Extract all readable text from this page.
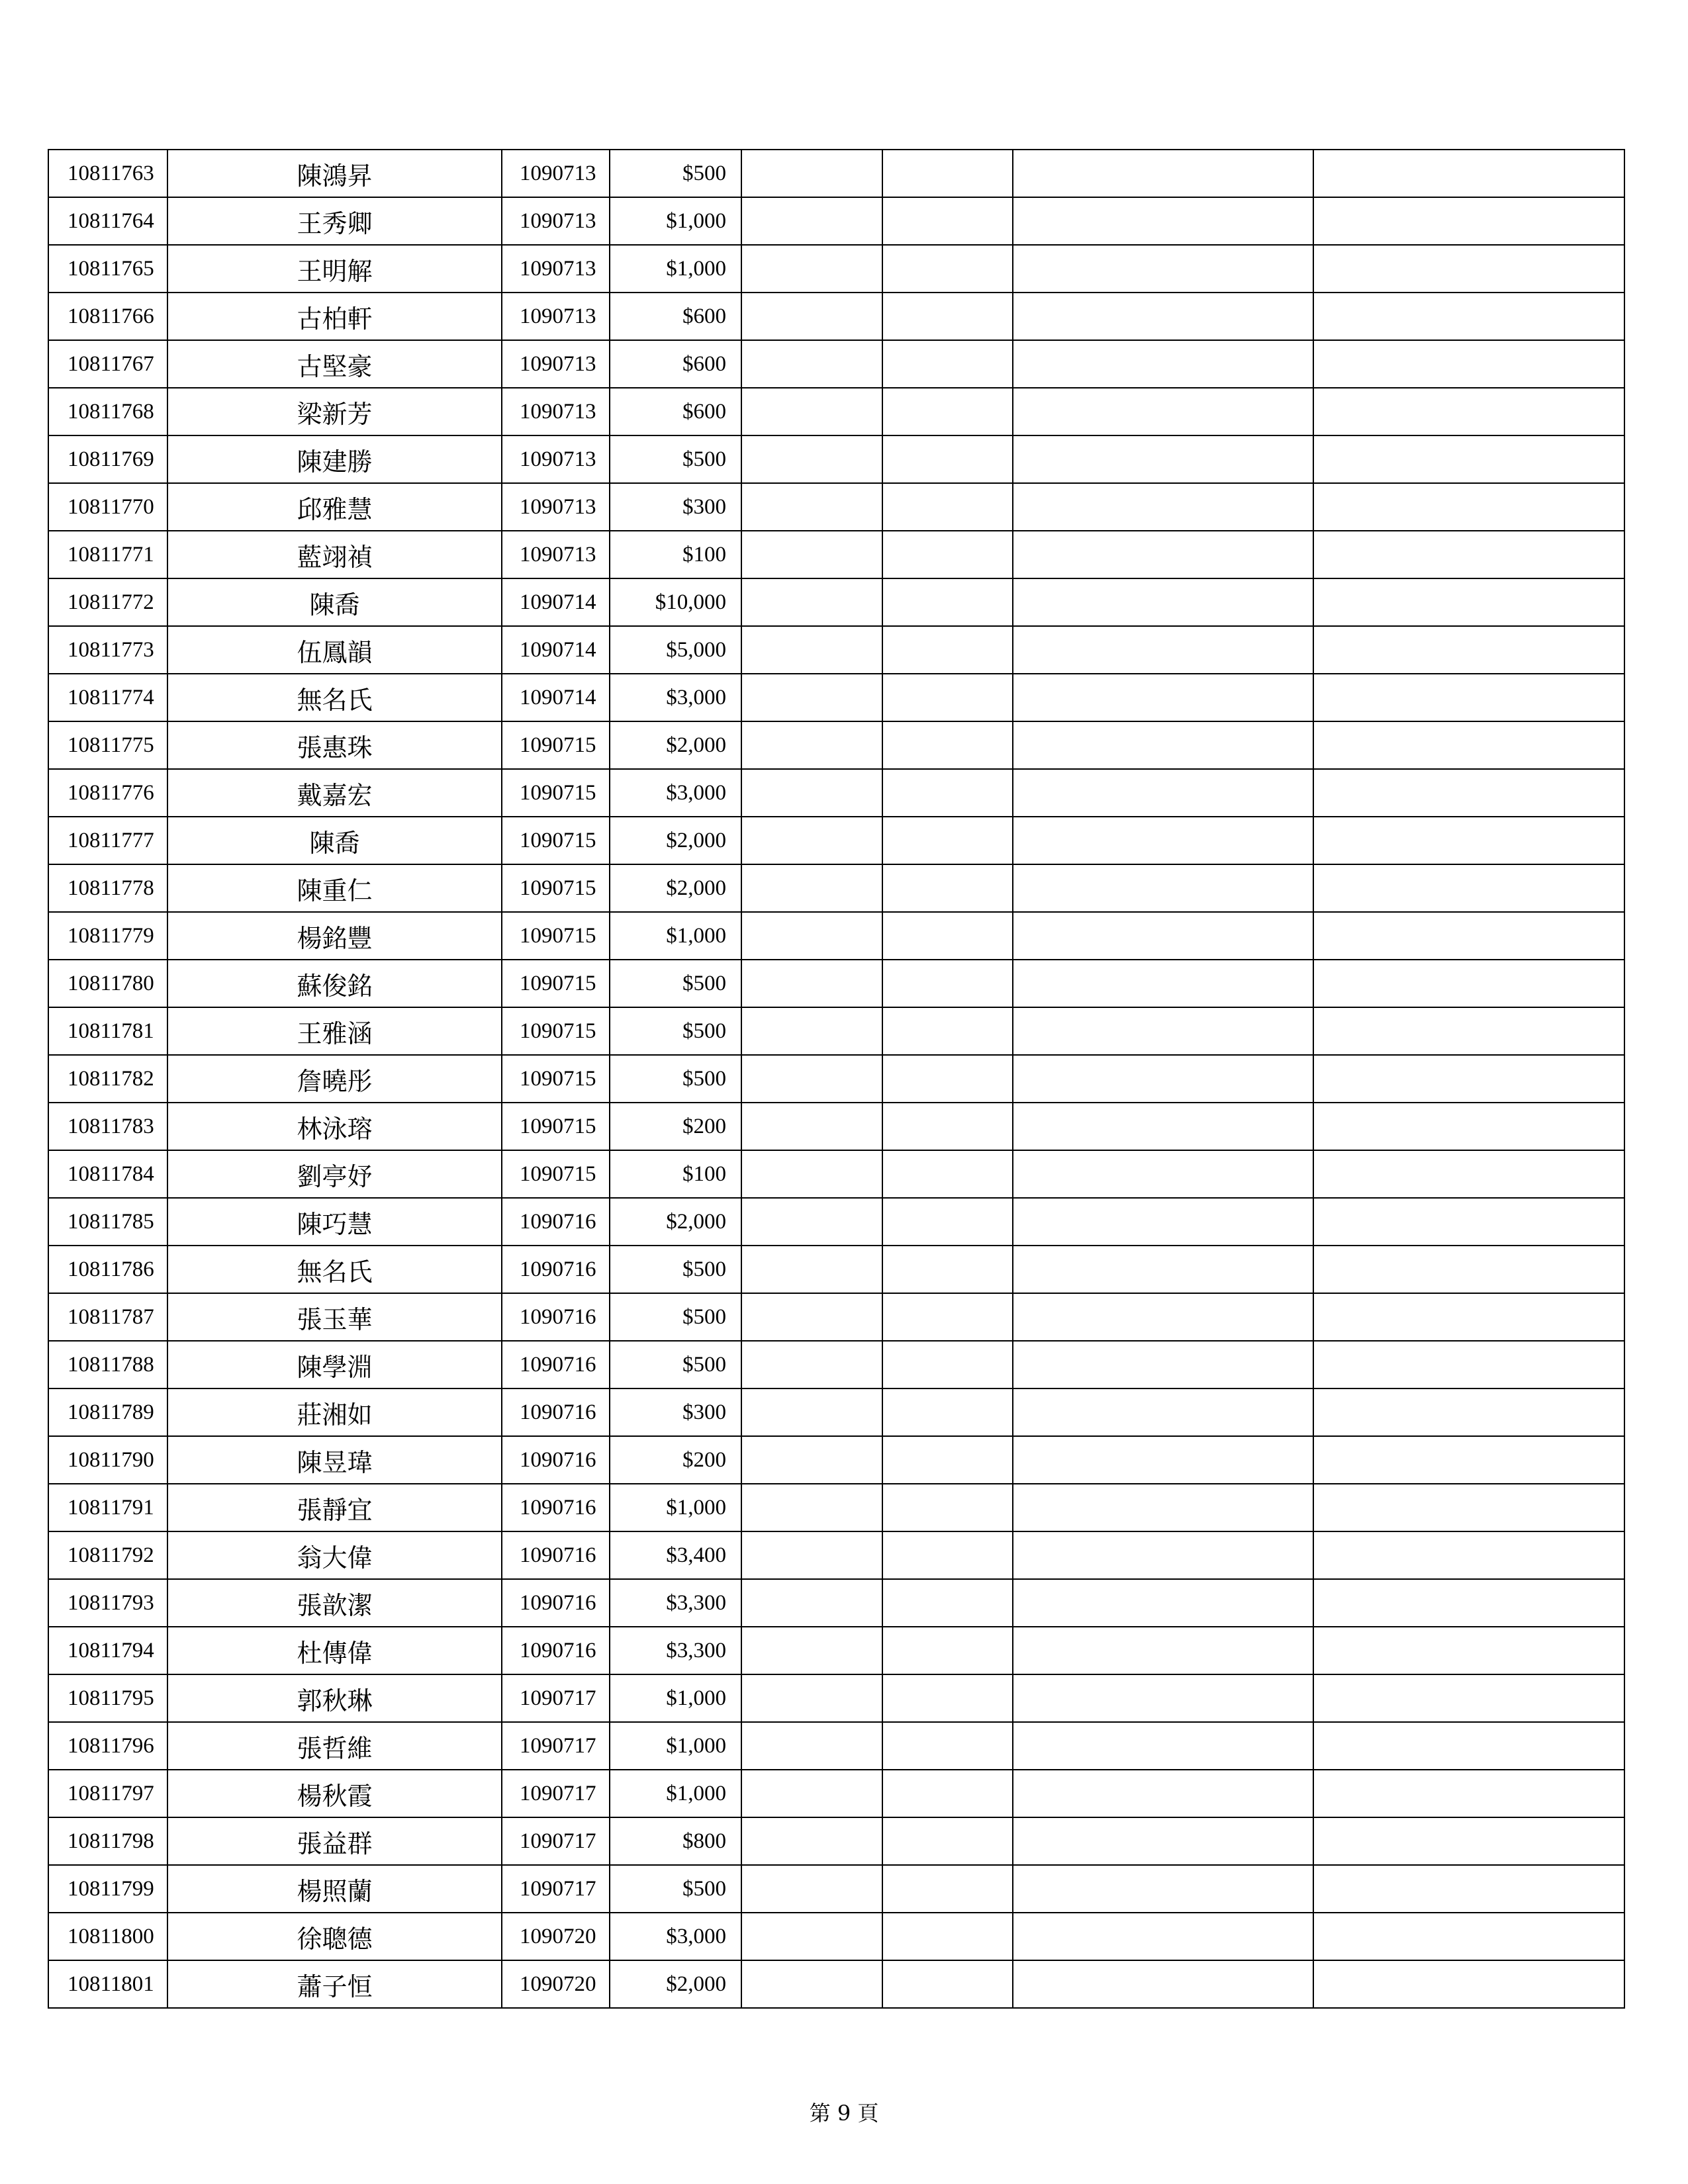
10811763	陳鴻昇	1090713	$500				
10811764	王秀卿	1090713	$1,000				
10811765	王明解	1090713	$1,000				
10811766	古柏軒	1090713	$600				
10811767	古堅豪	1090713	$600				
10811768	梁新芳	1090713	$600				
10811769	陳建勝	1090713	$500				
10811770	邱雅慧	1090713	$300				
10811771	藍翊禎	1090713	$100				
10811772	陳喬	1090714	$10,000				
10811773	伍鳳韻	1090714	$5,000				
10811774	無名氏	1090714	$3,000				
10811775	張惠珠	1090715	$2,000				
10811776	戴嘉宏	1090715	$3,000				
10811777	陳喬	1090715	$2,000				
10811778	陳重仁	1090715	$2,000				
10811779	楊銘豐	1090715	$1,000				
10811780	蘇俊銘	1090715	$500				
10811781	王雅涵	1090715	$500				
10811782	詹曉彤	1090715	$500				
10811783	林泳瑢	1090715	$200				
10811784	劉亭妤	1090715	$100				
10811785	陳巧慧	1090716	$2,000				
10811786	無名氏	1090716	$500				
10811787	張玉華	1090716	$500				
10811788	陳學淵	1090716	$500				
10811789	莊湘如	1090716	$300				
10811790	陳昱瑋	1090716	$200				
10811791	張靜宜	1090716	$1,000				
10811792	翁大偉	1090716	$3,400				
10811793	張歆潔	1090716	$3,300				
10811794	杜傳偉	1090716	$3,300				
10811795	郭秋琳	1090717	$1,000				
10811796	張哲維	1090717	$1,000				
10811797	楊秋霞	1090717	$1,000				
10811798	張益群	1090717	$800				
10811799	楊照蘭	1090717	$500				
10811800	徐聰德	1090720	$3,000				
10811801	蕭子恒	1090720	$2,000				
第 9 頁
